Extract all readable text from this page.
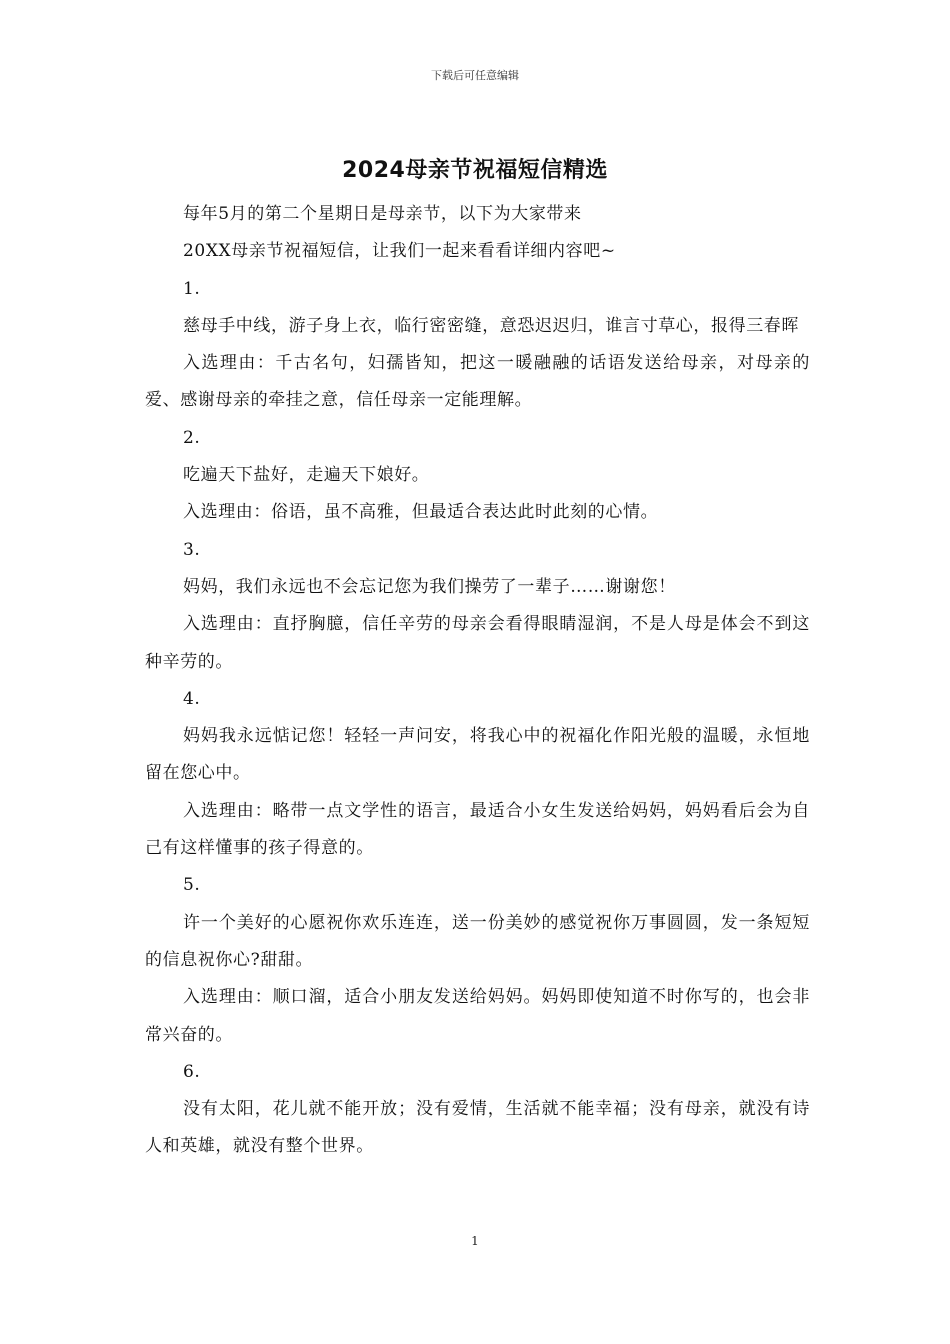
下载后可任意编辑
2024母亲节祝福短信精选

每年5月的第二个星期日是母亲节，以下为大家带来

20XX母亲节祝福短信，让我们一起来看看详细内容吧~

1.

慈母手中线，游子身上衣，临行密密缝，意恐迟迟归，谁言寸草心，报得三春晖

入选理由：千古名句，妇孺皆知，把这一暖融融的话语发送给母亲，对母亲的爱、感谢母亲的牵挂之意，信任母亲一定能理解。

2.

吃遍天下盐好，走遍天下娘好。

入选理由：俗语，虽不高雅，但最适合表达此时此刻的心情。

3.

妈妈，我们永远也不会忘记您为我们操劳了一辈子……谢谢您！

入选理由：直抒胸臆，信任辛劳的母亲会看得眼睛湿润，不是人母是体会不到这种辛劳的。

4.

妈妈我永远惦记您！轻轻一声问安，将我心中的祝福化作阳光般的温暖，永恒地留在您心中。

入选理由：略带一点文学性的语言，最适合小女生发送给妈妈，妈妈看后会为自己有这样懂事的孩子得意的。

5.

许一个美好的心愿祝你欢乐连连，送一份美妙的感觉祝你万事圆圆，发一条短短的信息祝你心?甜甜。

入选理由：顺口溜，适合小朋友发送给妈妈。妈妈即使知道不时你写的，也会非常兴奋的。

6.

没有太阳，花儿就不能开放；没有爱情，生活就不能幸福；没有母亲，就没有诗人和英雄，就没有整个世界。

1
